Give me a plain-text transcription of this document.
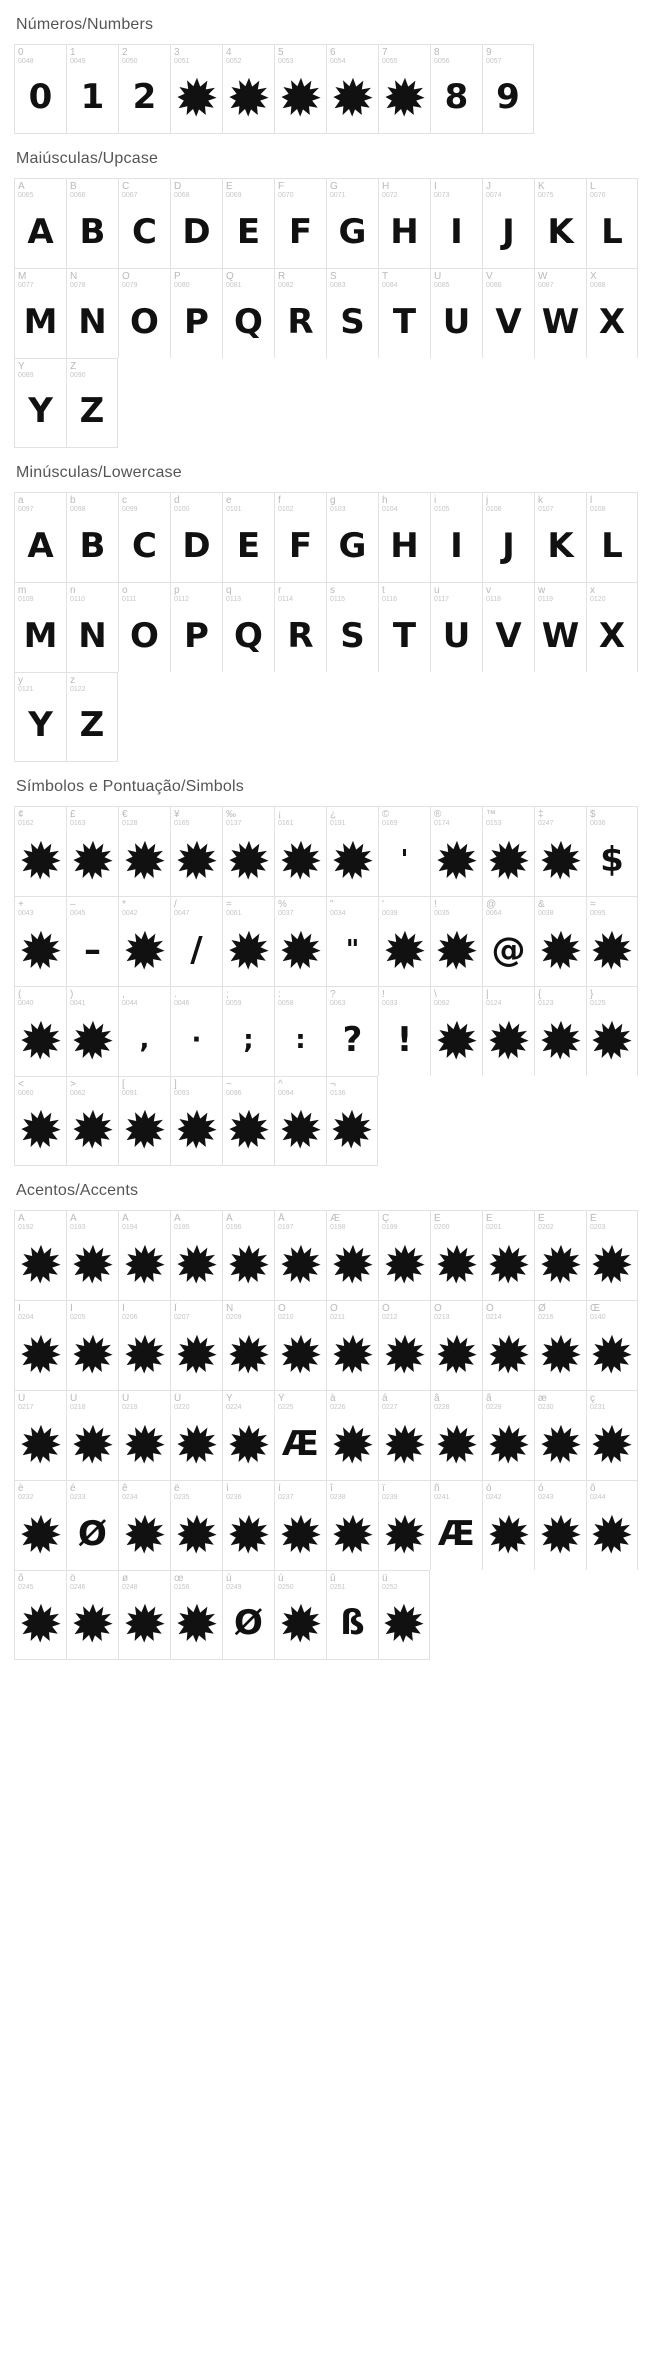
Números/Numbers
0
0048
0
1
0049
1
2
0050
2
3
0051
4
0052
5
0053
6
0054
7
0055
8
0056
8
9
0057
9
Maiúsculas/Upcase
A
0065
A
B
0066
B
C
0067
C
D
0068
D
E
0069
E
F
0070
F
G
0071
G
H
0072
H
I
0073
I
J
0074
J
K
0075
K
L
0076
L
M
0077
M
N
0078
N
O
0079
O
P
0080
P
Q
0081
Q
R
0082
R
S
0083
S
T
0084
T
U
0085
U
V
0086
V
W
0087
W
X
0088
X
Y
0089
Y
Z
0090
Z
Minúsculas/Lowercase
a
0097
A
b
0098
B
c
0099
C
d
0100
D
e
0101
E
f
0102
F
g
0103
G
h
0104
H
i
0105
I
j
0106
J
k
0107
K
l
0108
L
m
0109
M
n
0110
N
o
0111
O
p
0112
P
q
0113
Q
r
0114
R
s
0115
S
t
0116
T
u
0117
U
v
0118
V
w
0119
W
x
0120
X
y
0121
Y
z
0122
Z
Símbolos e Pontuação/Simbols
¢
0162
£
0163
€
0128
¥
0165
‰
0137
¡
0161
¿
0191
©
0169
'
®
0174
™
0153
‡
0247
$
0036
$
+
0043
–
0045
–
*
0042
/
0047
/
=
0061
%
0037
"
0034
"
'
0039
!
0035
@
0064
@
&
0038
=
0095
(
0040
)
0041
,
0044
,
.
0046
·
;
0059
;
:
0058
:
?
0063
?
!
0033
!
\
0092
|
0124
{
0123
}
0125
<
0060
>
0062
[
0091
]
0093
~
0096
^
0094
¬
0136
Acentos/Accents
À
0192
Á
0193
Â
0194
Ã
0195
Ä
0196
Å
0197
Æ
0198
Ç
0199
È
0200
É
0201
Ê
0202
Ë
0203
Ì
0204
Í
0205
Î
0206
Ï
0207
Ñ
0209
Ò
0210
Ó
0211
Ô
0212
Õ
0213
Ö
0214
Ø
0216
Œ
0140
Ù
0217
Ú
0218
Û
0219
Ü
0220
Ý
0224
Ÿ
0225
Æ
à
0226
á
0227
â
0228
ã
0229
æ
0230
ç
0231
è
0232
é
0233
Ø
ê
0234
ë
0235
ì
0236
í
0237
î
0238
ï
0239
ñ
0241
Æ
ò
0242
ó
0243
ô
0244
õ
0245
ö
0246
ø
0248
œ
0156
ù
0249
Ø
ú
0250
û
0251
ß
ü
0252
